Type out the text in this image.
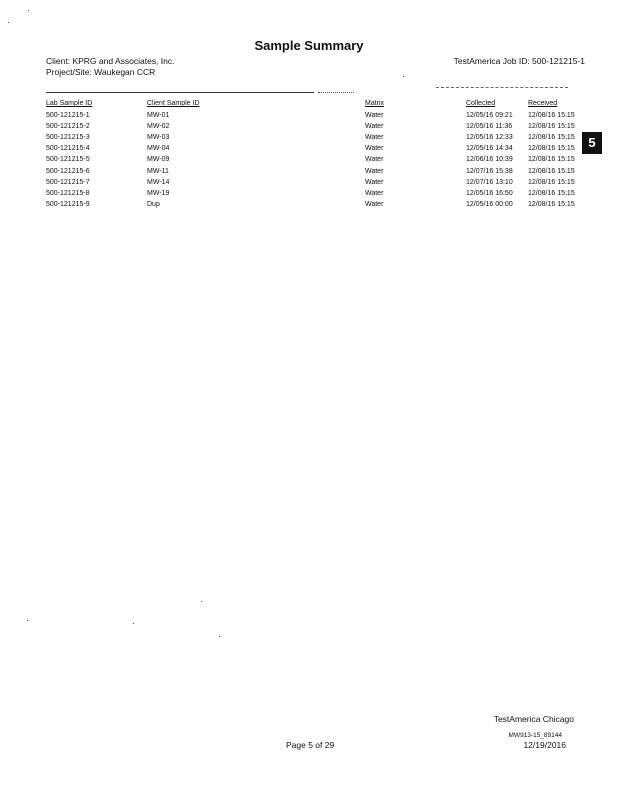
Sample Summary
Client: KPRG and Associates, Inc.
Project/Site: Waukegan CCR
TestAmerica Job ID: 500-121215-1
5
Lab Sample ID	Client Sample ID	Matrix	Collected	Received
500-121215-1	MW-01	Water	12/05/16 09:21 12/08/16 15:15
500-121215-2	MW-02	Water	12/05/16 11:36 12/08/16 15:15
500-121215-3	MW-03	Water	12/05/16 12:33 12/08/16 15:15
500-121215-4	MW-04	Water	12/05/16 14:34 12/08/16 15:15
500-121215-5	MW-09	Water	12/06/16 10:39 12/08/16 15:15
500-121215-6	MW-11	Water	12/07/16 15:38 12/08/16 15:15
500-121215-7	MW-14	Water	12/07/16 13:10 12/08/16 15:15
500-121215-8	MW-19	Water	12/05/16 16:50 12/08/16 15:15
500-121215-9	Dup	Water	12/05/16 00:00 12/08/16 15:15
TestAmerica Chicago
MW913-15_89144
Page 5 of 29	12/19/2016
